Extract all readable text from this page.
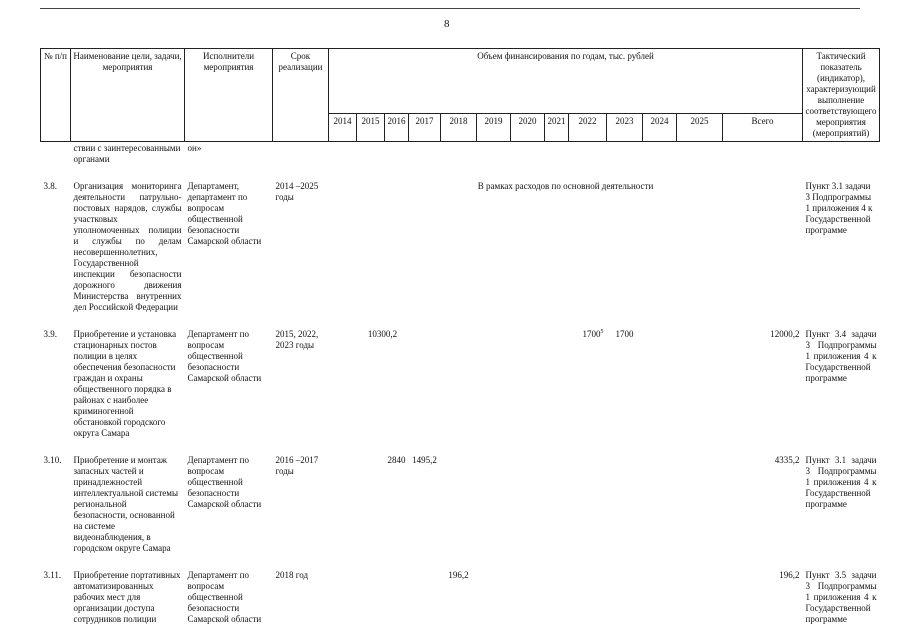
8
№ п/п	Наименование цели, задачи, мероприятия	Исполнители мероприятия	Срок реализации	Объем финансирования по годам, тыс. рублей													Тактический показатель (индикатор), характеризующий выполнение соответствующего мероприятия (мероприятий)
				2014	2015	2016	2017	2018	2019	2020	2021	2022	2023	2024	2025	Всего	
	ствии с заинтересованными органами	он»															

3.8.	Организация мониторинга деятельности патрульно-постовых нарядов, службы участковых уполномоченных полиции и службы по делам несовершеннолетних, Государственной инспекции безопасности дорожного движения Министерства внутренних дел Российской Федерации	Департамент, департамент по вопросам общественной безопасности Самарской области	2014 –2025 годы	В рамках расходов по основной деятельности													Пункт 3.1 задачи 3 Подпрограммы 1 приложения 4 к Государственной программе

3.9.	Приобретение и установка стационарных постов полиции в целях обеспечения безопасности граждан и охраны общественного порядка в районах с наиболее криминогенной обстановкой городского округа Самара	Департамент по вопросам общественной безопасности Самарской области	2015, 2022, 2023 годы		10300,2							1700$^5$	1700			12000,2	Пункт 3.4 задачи 3 Подпрограммы 1 приложения 4 к Государственной программе

3.10.	Приобретение и монтаж запасных частей и принадлежностей интеллектуальной системы региональной безопасности, основанной на системе видеонаблюдения, в городском округе Самара	Департамент по вопросам общественной безопасности Самарской области	2016 –2017 годы			2840	1495,2									4335,2	Пункт 3.1 задачи 3 Подпрограммы 1 приложения 4 к Государственной программе

3.11.	Приобретение портативных автоматизированных рабочих мест для организации доступа сотрудников полиции	Департамент по вопросам общественной безопасности Самарской области	2018 год					196,2								196,2	Пункт 3.5 задачи 3 Подпрограммы 1 приложения 4 к Государственной программе
